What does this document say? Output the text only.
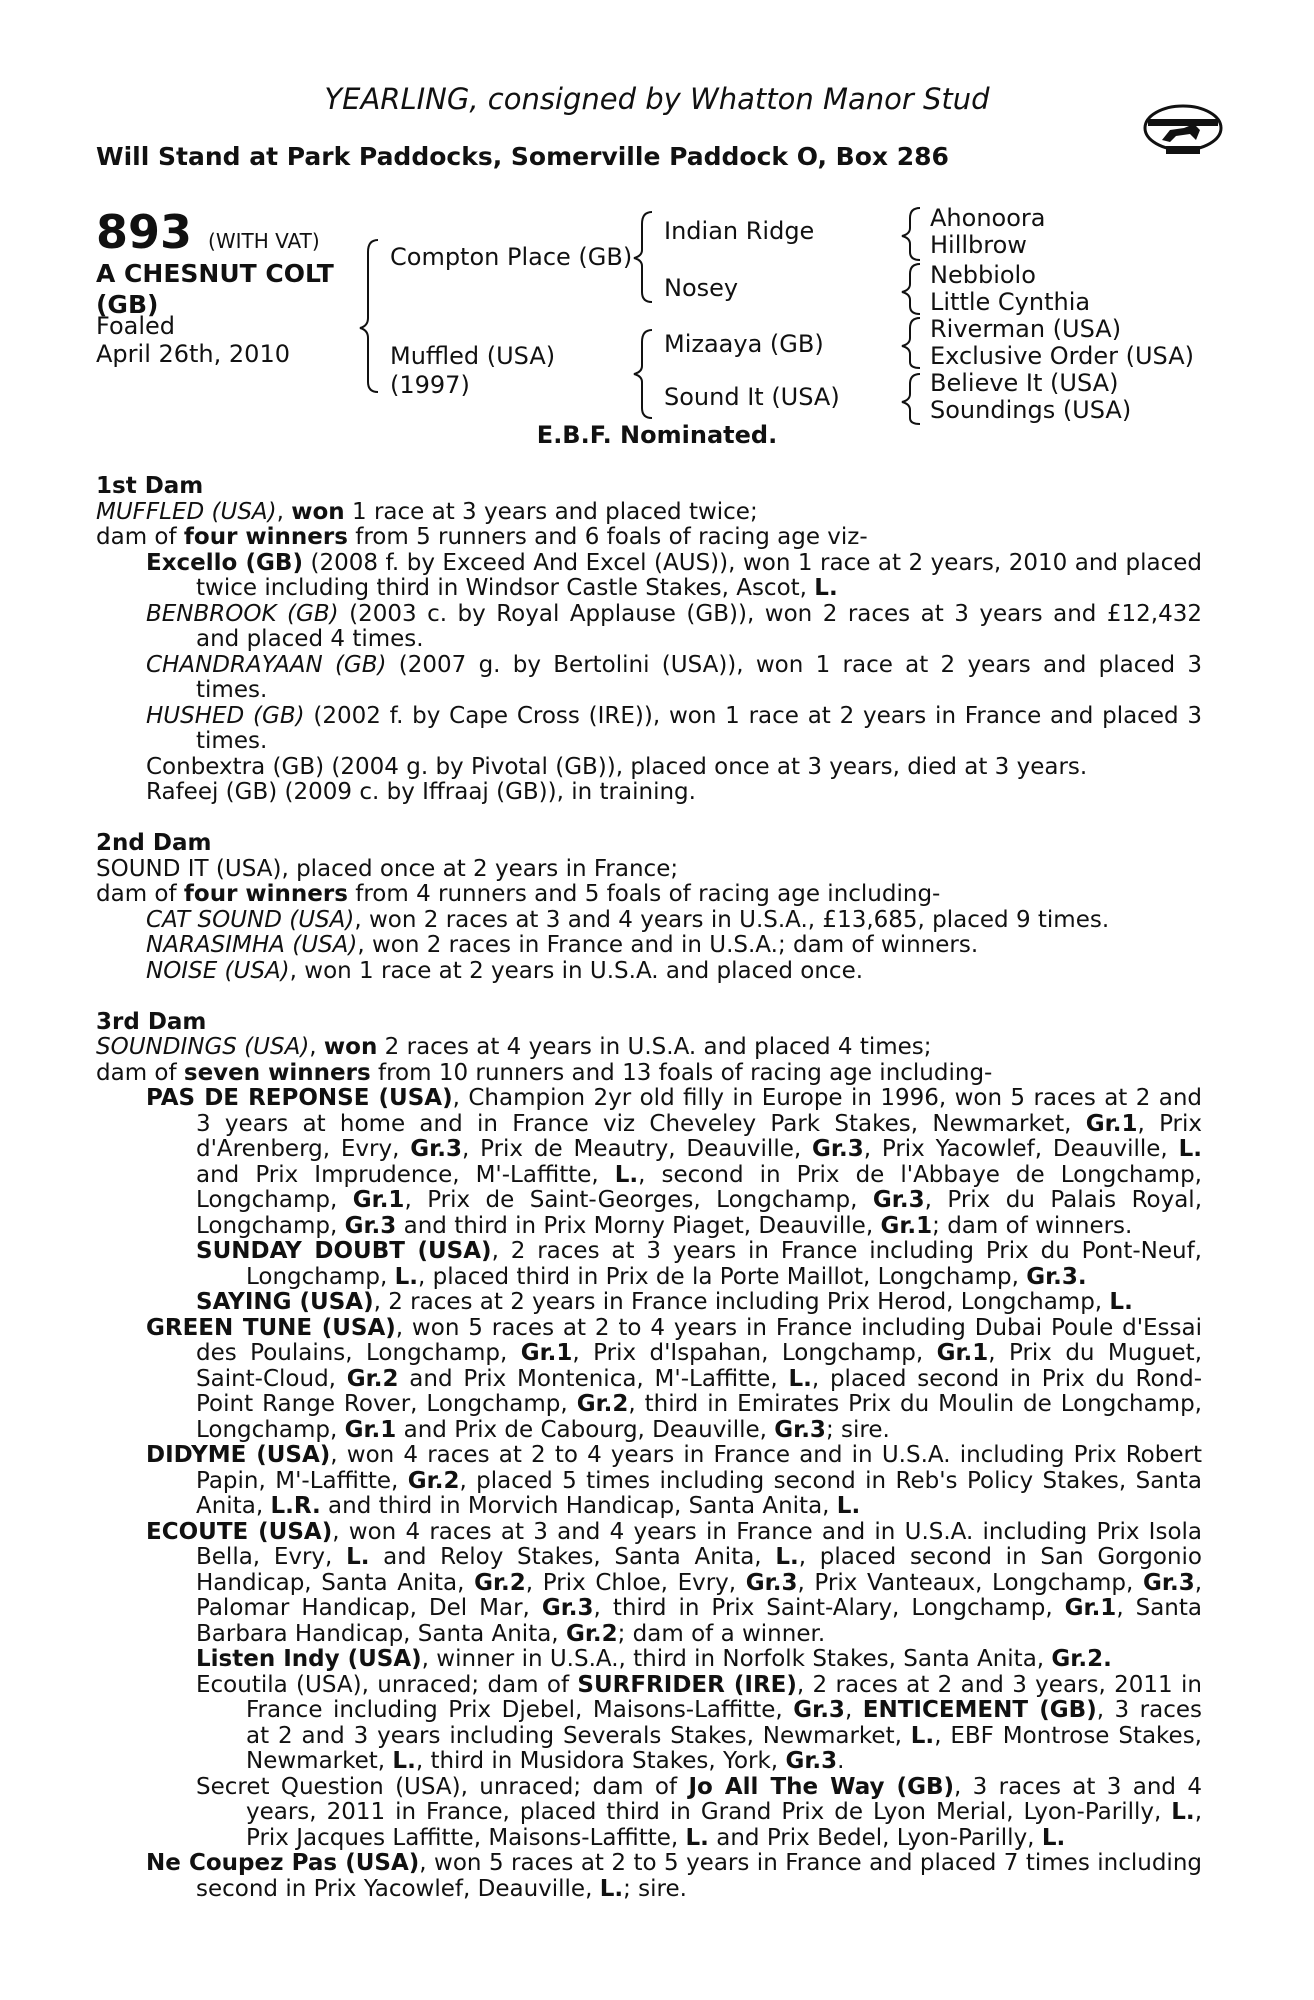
YEARLING, consigned by Whatton Manor Stud
Will Stand at Park Paddocks, Somerville Paddock O, Box 286
893 (WITH VAT)
A CHESNUT COLT
(GB)
Foaled
April 26th, 2010
Compton Place (GB)
Muffled (USA)
(1997)
Indian Ridge
Nosey
Mizaaya (GB)
Sound It (USA)
Ahonoora
Hillbrow
Nebbiolo
Little Cynthia
Riverman (USA)
Exclusive Order (USA)
Believe It (USA)
Soundings (USA)
E.B.F. Nominated.

1st Dam

MUFFLED (USA), won 1 race at 3 years and placed twice;

dam of four winners from 5 runners and 6 foals of racing age viz-

Excello (GB) (2008 f. by Exceed And Excel (AUS)), won 1 race at 2 years, 2010 and placed twice including third in Windsor Castle Stakes, Ascot, L.

BENBROOK (GB) (2003 c. by Royal Applause (GB)), won 2 races at 3 years and £12,432 and placed 4 times.

CHANDRAYAAN (GB) (2007 g. by Bertolini (USA)), won 1 race at 2 years and placed 3 times.

HUSHED (GB) (2002 f. by Cape Cross (IRE)), won 1 race at 2 years in France and placed 3 times.

Conbextra (GB) (2004 g. by Pivotal (GB)), placed once at 3 years, died at 3 years.

Rafeej (GB) (2009 c. by Iffraaj (GB)), in training.

2nd Dam

SOUND IT (USA), placed once at 2 years in France;

dam of four winners from 4 runners and 5 foals of racing age including-

CAT SOUND (USA), won 2 races at 3 and 4 years in U.S.A., £13,685, placed 9 times.

NARASIMHA (USA), won 2 races in France and in U.S.A.; dam of winners.

NOISE (USA), won 1 race at 2 years in U.S.A. and placed once.

3rd Dam

SOUNDINGS (USA), won 2 races at 4 years in U.S.A. and placed 4 times;

dam of seven winners from 10 runners and 13 foals of racing age including-

PAS DE REPONSE (USA), Champion 2yr old filly in Europe in 1996, won 5 races at 2 and 3 years at home and in France viz Cheveley Park Stakes, Newmarket, Gr.1, Prix d'Arenberg, Evry, Gr.3, Prix de Meautry, Deauville, Gr.3, Prix Yacowlef, Deauville, L. and Prix Imprudence, M'-Laffitte, L., second in Prix de l'Abbaye de Longchamp, Longchamp, Gr.1, Prix de Saint-Georges, Longchamp, Gr.3, Prix du Palais Royal, Longchamp, Gr.3 and third in Prix Morny Piaget, Deauville, Gr.1; dam of winners.

SUNDAY DOUBT (USA), 2 races at 3 years in France including Prix du Pont-Neuf, Longchamp, L., placed third in Prix de la Porte Maillot, Longchamp, Gr.3.

SAYING (USA), 2 races at 2 years in France including Prix Herod, Longchamp, L.

GREEN TUNE (USA), won 5 races at 2 to 4 years in France including Dubai Poule d'Essai des Poulains, Longchamp, Gr.1, Prix d'Ispahan, Longchamp, Gr.1, Prix du Muguet, Saint-Cloud, Gr.2 and Prix Montenica, M'-Laffitte, L., placed second in Prix du Rond-Point Range Rover, Longchamp, Gr.2, third in Emirates Prix du Moulin de Longchamp, Longchamp, Gr.1 and Prix de Cabourg, Deauville, Gr.3; sire.

DIDYME (USA), won 4 races at 2 to 4 years in France and in U.S.A. including Prix Robert Papin, M'-Laffitte, Gr.2, placed 5 times including second in Reb's Policy Stakes, Santa Anita, L.R. and third in Morvich Handicap, Santa Anita, L.

ECOUTE (USA), won 4 races at 3 and 4 years in France and in U.S.A. including Prix Isola Bella, Evry, L. and Reloy Stakes, Santa Anita, L., placed second in San Gorgonio Handicap, Santa Anita, Gr.2, Prix Chloe, Evry, Gr.3, Prix Vanteaux, Longchamp, Gr.3, Palomar Handicap, Del Mar, Gr.3, third in Prix Saint-Alary, Longchamp, Gr.1, Santa Barbara Handicap, Santa Anita, Gr.2; dam of a winner.

Listen Indy (USA), winner in U.S.A., third in Norfolk Stakes, Santa Anita, Gr.2.

Ecoutila (USA), unraced; dam of SURFRIDER (IRE), 2 races at 2 and 3 years, 2011 in France including Prix Djebel, Maisons-Laffitte, Gr.3, ENTICEMENT (GB), 3 races at 2 and 3 years including Severals Stakes, Newmarket, L., EBF Montrose Stakes, Newmarket, L., third in Musidora Stakes, York, Gr.3.

Secret Question (USA), unraced; dam of Jo All The Way (GB), 3 races at 3 and 4 years, 2011 in France, placed third in Grand Prix de Lyon Merial, Lyon-Parilly, L., Prix Jacques Laffitte, Maisons-Laffitte, L. and Prix Bedel, Lyon-Parilly, L.

Ne Coupez Pas (USA), won 5 races at 2 to 5 years in France and placed 7 times including second in Prix Yacowlef, Deauville, L.; sire.
